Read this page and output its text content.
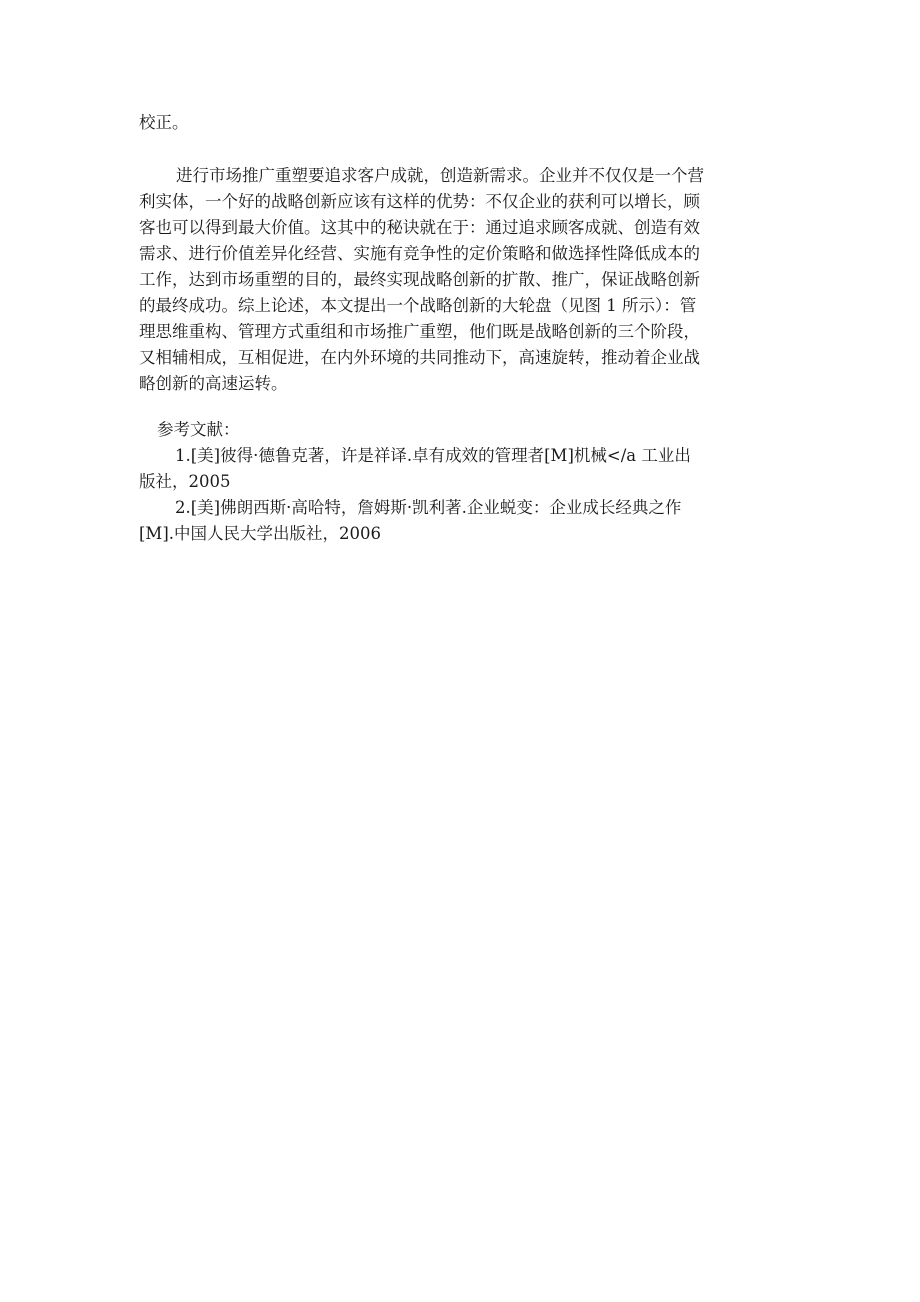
校正。

进行市场推广重塑要追求客户成就，创造新需求。企业并不仅仅是一个营

利实体，一个好的战略创新应该有这样的优势：不仅企业的获利可以增长，顾

客也可以得到最大价值。这其中的秘诀就在于：通过追求顾客成就、创造有效

需求、进行价值差异化经营、实施有竞争性的定价策略和做选择性降低成本的

工作，达到市场重塑的目的，最终实现战略创新的扩散、推广，保证战略创新

的最终成功。综上论述，本文提出一个战略创新的大轮盘（见图 1 所示）：管

理思维重构、管理方式重组和市场推广重塑，他们既是战略创新的三个阶段，

又相辅相成，互相促进，在内外环境的共同推动下，高速旋转，推动着企业战

略创新的高速运转。

参考文献：

1.[美]彼得·德鲁克著，许是祥译.卓有成效的管理者[M]机械</a 工业出

版社，2005

2.[美]佛朗西斯·高哈特，詹姆斯·凯利著.企业蜕变：企业成长经典之作

[M].中国人民大学出版社，2006
